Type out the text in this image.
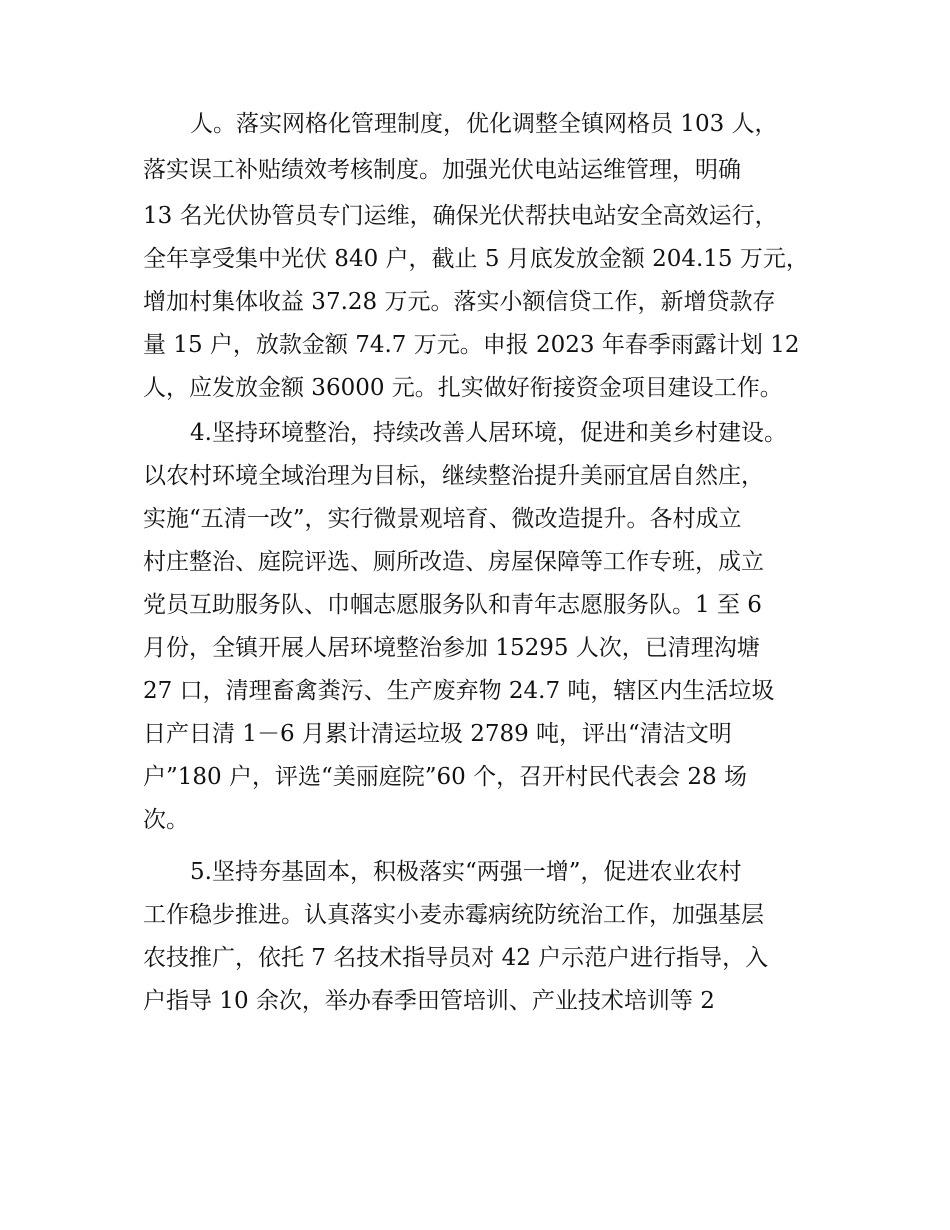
人。落实网格化管理制度，优化调整全镇网格员 103 人，
落实误工补贴绩效考核制度。加强光伏电站运维管理，明确
13 名光伏协管员专门运维，确保光伏帮扶电站安全高效运行，
全年享受集中光伏 840 户，截止 5 月底发放金额 204.15 万元，
增加村集体收益 37.28 万元。落实小额信贷工作，新增贷款存
量 15 户，放款金额 74.7 万元。申报 2023 年春季雨露计划 12
人，应发放金额 36000 元。扎实做好衔接资金项目建设工作。
4.坚持环境整治，持续改善人居环境，促进和美乡村建设。
以农村环境全域治理为目标，继续整治提升美丽宜居自然庄，
实施“五清一改”，实行微景观培育、微改造提升。各村成立
村庄整治、庭院评选、厕所改造、房屋保障等工作专班，成立
党员互助服务队、巾帼志愿服务队和青年志愿服务队。1 至 6
月份，全镇开展人居环境整治参加 15295 人次，已清理沟塘
27 口，清理畜禽粪污、生产废弃物 24.7 吨，辖区内生活垃圾
日产日清 1－6 月累计清运垃圾 2789 吨，评出“清洁文明
户”180 户，评选“美丽庭院”60 个，召开村民代表会 28 场
次。
5.坚持夯基固本，积极落实“两强一增”，促进农业农村
工作稳步推进。认真落实小麦赤霉病统防统治工作，加强基层
农技推广，依托 7 名技术指导员对 42 户示范户进行指导，入
户指导 10 余次，举办春季田管培训、产业技术培训等 2
